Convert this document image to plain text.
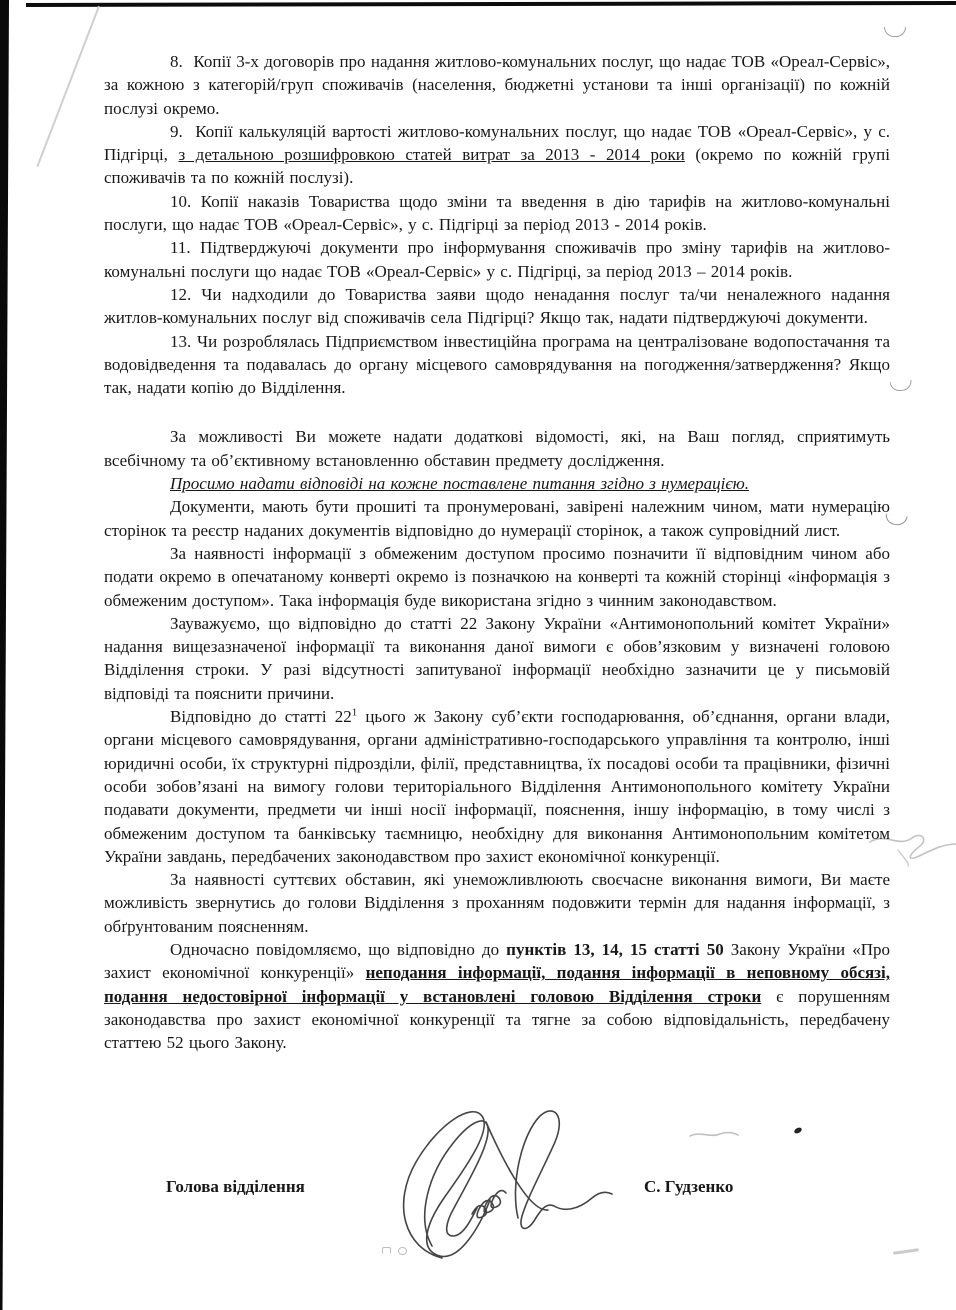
8.  Копії 3-х договорів про надання житлово-комунальних послуг, що надає ТОВ «Ореал-Сервіс», за кожною з категорій/груп споживачів (населення, бюджетні установи та інші організації) по кожній послузі окремо.

9.  Копії калькуляцій вартості житлово-комунальних послуг, що надає ТОВ «Ореал-Сервіс», у с. Підгірці, з детальною розшифровкою статей витрат за 2013 - 2014 роки (окремо по кожній групі споживачів та по кожній послузі).

10. Копії наказів Товариства щодо зміни та введення в дію тарифів на житлово-комунальні послуги, що надає ТОВ «Ореал-Сервіс», у с. Підгірці за період 2013 - 2014 років.

11. Підтверджуючі документи про інформування споживачів про зміну тарифів на житлово-комунальні послуги що надає ТОВ «Ореал-Сервіс» у с. Підгірці, за період 2013 – 2014 років.

12. Чи надходили до Товариства заяви щодо ненадання послуг та/чи неналежного надання житлов-комунальних послуг від споживачів села Підгірці? Якщо так, надати підтверджуючі документи.

13. Чи розроблялась Підприємством інвестиційна програма на централізоване водопостачання та водовідведення та подавалась до органу місцевого самоврядування на погодження/затвердження? Якщо так, надати копію до Відділення.

За можливості Ви можете надати додаткові відомості, які, на Ваш погляд, сприятимуть всебічному та об’єктивному встановленню обставин предмету дослідження.

Просимо надати відповіді на кожне поставлене питання згідно з нумерацією.

Документи, мають бути прошиті та пронумеровані, завірені належним чином, мати нумерацію сторінок та реєстр наданих документів відповідно до нумерації сторінок, а також супровідний лист.

За наявності інформації з обмеженим доступом просимо позначити її відповідним чином або подати окремо в опечатаному конверті окремо із позначкою на конверті та кожній сторінці «інформація з обмеженим доступом». Така інформація буде використана згідно з чинним законодавством.

Зауважуємо, що відповідно до статті 22 Закону України «Антимонопольний комітет України» надання вищезазначеної інформації та виконання даної вимоги є обов’язковим у визначені головою Відділення строки. У разі відсутності запитуваної інформації необхідно зазначити це у письмовій відповіді та пояснити причини.

Відповідно до статті $22^1$ цього ж Закону суб’єкти господарювання, об’єднання, органи влади, органи місцевого самоврядування, органи адміністративно-господарського управління та контролю, інші юридичні особи, їх структурні підрозділи, філії, представництва, їх посадові особи та працівники, фізичні особи зобов’язані на вимогу голови територіального Відділення Антимонопольного комітету України подавати документи, предмети чи інші носії інформації, пояснення, іншу інформацію, в тому числі з обмеженим доступом та банківську таємницю, необхідну для виконання Антимонопольним комітетом України завдань, передбачених законодавством про захист економічної конкуренції.

За наявності суттєвих обставин, які унеможливлюють своєчасне виконання вимоги, Ви маєте можливість звернутись до голови Відділення з проханням подовжити термін для надання інформації, з обґрунтованим поясненням.

Одночасно повідомляємо, що відповідно до пунктів 13, 14, 15 статті 50 Закону України «Про захист економічної конкуренції» неподання інформації, подання інформації в неповному обсязі, подання недостовірної інформації у встановлені головою Відділення строки є порушенням законодавства про захист економічної конкуренції та тягне за собою відповідальність, передбачену статтею 52 цього Закону.

Голова відділення	С. Гудзенко
